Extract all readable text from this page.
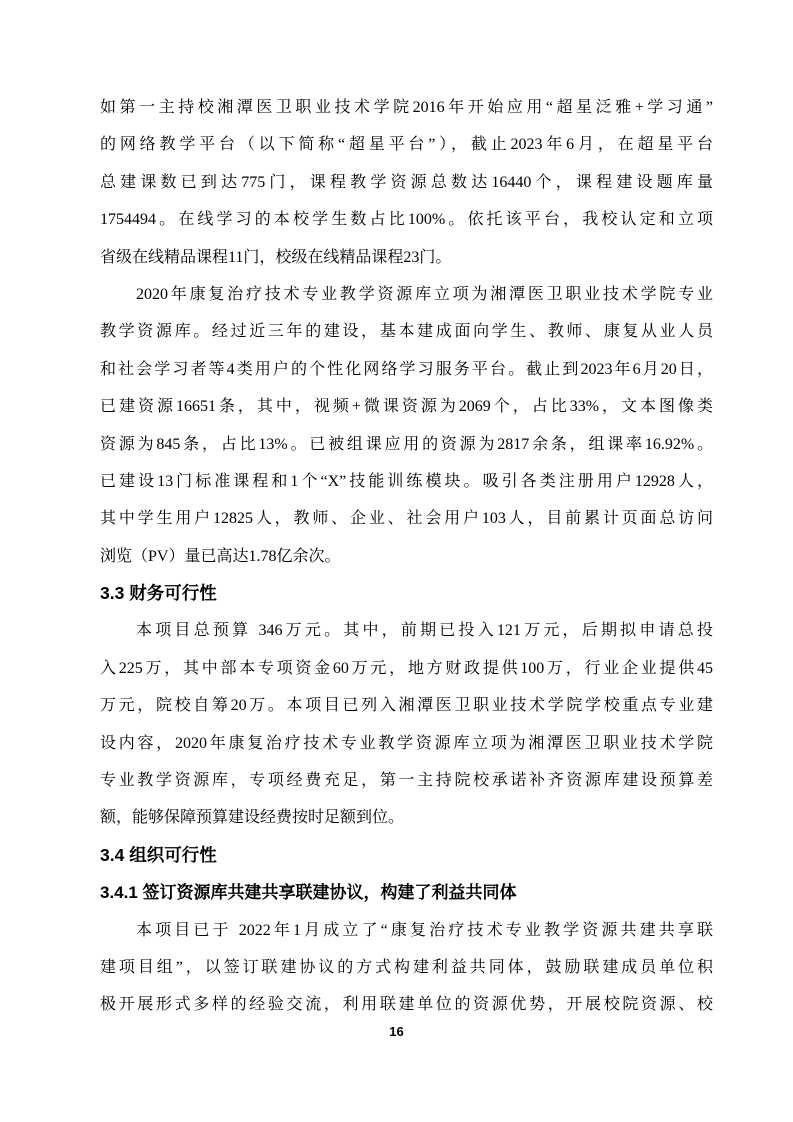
如第一主持校湘潭医卫职业技术学院2016年开始应用“超星泛雅+学习通”
的网络教学平台（以下简称“超星平台”），截止2023年6月，在超星平台
总建课数已到达775门，课程教学资源总数达16440个，课程建设题库量
1754494。在线学习的本校学生数占比100%。依托该平台，我校认定和立项
省级在线精品课程11门，校级在线精品课程23门。
2020年康复治疗技术专业教学资源库立项为湘潭医卫职业技术学院专业
教学资源库。经过近三年的建设，基本建成面向学生、教师、康复从业人员
和社会学习者等4类用户的个性化网络学习服务平台。截止到2023年6月20日，
已建资源16651条，其中，视频+微课资源为2069个，占比33%，文本图像类
资源为845条，占比13%。已被组课应用的资源为2817余条，组课率16.92%。
已建设13门标准课程和1个“X”技能训练模块。吸引各类注册用户12928人，
其中学生用户12825人，教师、企业、社会用户103人，目前累计页面总访问
浏览（PV）量已高达1.78亿余次。
3.3 财务可行性
本项目总预算 346万元。其中，前期已投入121万元，后期拟申请总投
入225万，其中部本专项资金60万元，地方财政提供100万，行业企业提供45
万元，院校自筹20万。本项目已列入湘潭医卫职业技术学院学校重点专业建
设内容，2020年康复治疗技术专业教学资源库立项为湘潭医卫职业技术学院
专业教学资源库，专项经费充足，第一主持院校承诺补齐资源库建设预算差
额，能够保障预算建设经费按时足额到位。
3.4 组织可行性
3.4.1 签订资源库共建共享联建协议，构建了利益共同体
本项目已于 2022年1月成立了“康复治疗技术专业教学资源共建共享联
建项目组”，以签订联建协议的方式构建利益共同体，鼓励联建成员单位积
极开展形式多样的经验交流，利用联建单位的资源优势，开展校院资源、校
16
